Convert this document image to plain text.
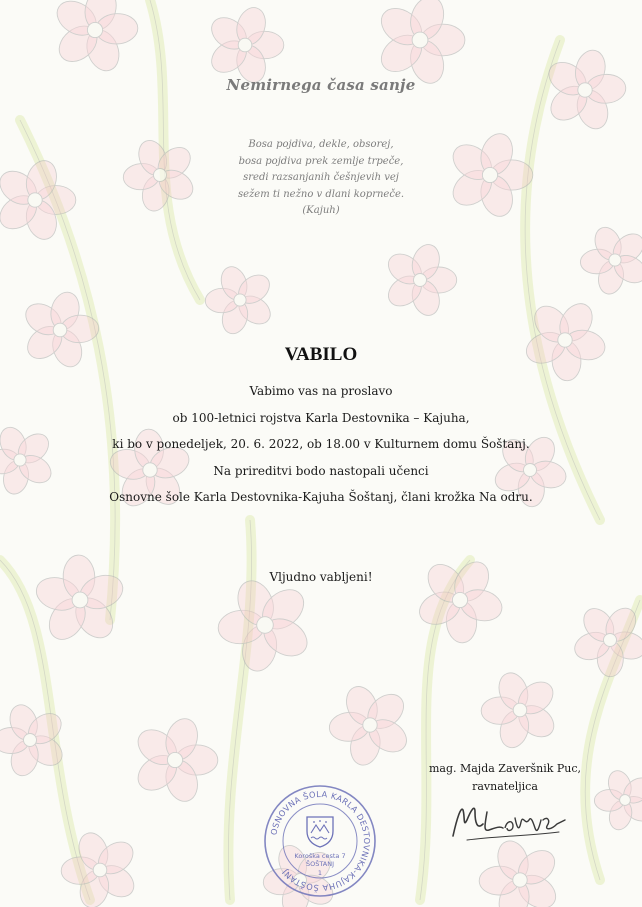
Nemirnega časa sanje
Bosa pojdiva, dekle, obsorej,
bosa pojdiva prek zemlje trpeče,
sredi razsanjanih češnjevih vej
sežem ti nežno v dlani koprneče.
(Kajuh)
VABILO
Vabimo vas na proslavo
ob 100-letnici rojstva Karla Destovnika – Kajuha,
ki bo v ponedeljek, 20. 6. 2022, ob 18.00 v Kulturnem domu Šoštanj.
Na prireditvi bodo nastopali učenci
Osnovne šole Karla Destovnika-Kajuha Šoštanj, člani krožka Na odru.
Vljudno vabljeni!
mag. Majda Zaveršnik Puc,
ravnateljica
OSNOVNA ŠOLA KARLA DESTOVNIKA-KAJUHA ŠOŠTANJ
Koroška cesta 7
ŠOŠTANJ
1
